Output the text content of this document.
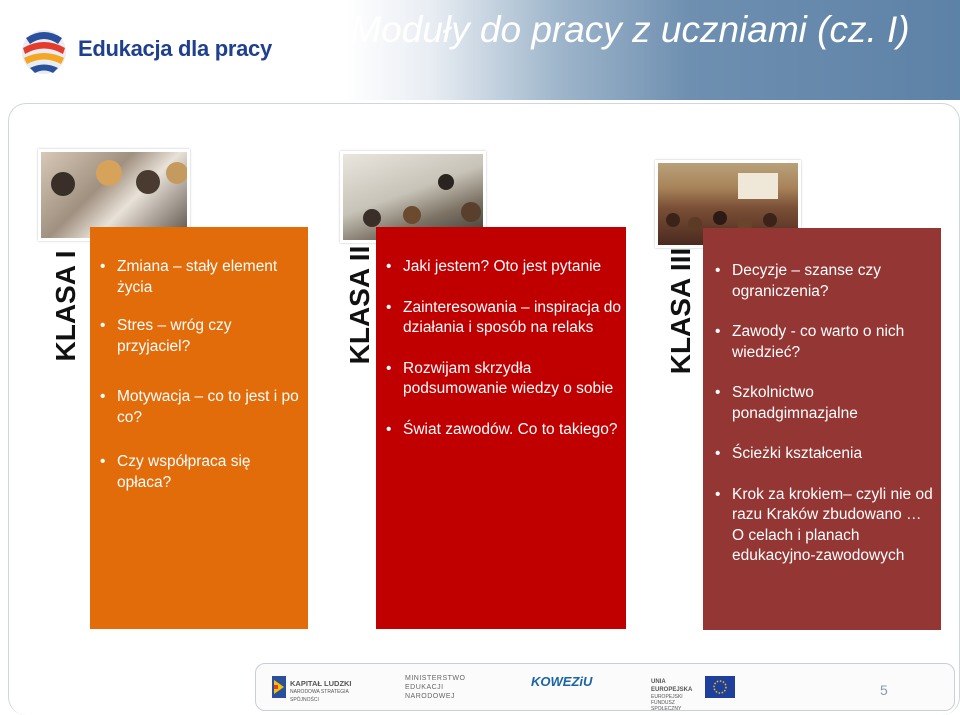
Edukacja dla pracy Moduły do pracy z uczniami (cz. I)
KLASA I	KLASA II	KLASA III
• Zmiana – stały element życia
• Stres – wróg czy przyjaciel?
• Motywacja – co to jest i po co?
• Czy współpraca się opłaca?
• Jaki jestem? Oto jest pytanie
• Zainteresowania – inspiracja do działania i sposób na relaks
• Rozwijam skrzydła podsumowanie wiedzy o sobie
• Świat zawodów. Co to takiego?
• Decyzje – szanse czy ograniczenia?
• Zawody - co warto o nich wiedzieć?
• Szkolnictwo ponadgimnazjalne
• Ścieżki kształcenia
• Krok za krokiem– czyli nie od razu Kraków zbudowano … O celach i planach edukacyjno-zawodowych
KAPITAŁ LUDZKI
NARODOWA STRATEGIA SPÓJNOŚCI
MINISTERSTWO EDUKACJI NARODOWEJ
KOWEZiU	UNIA EUROPEJSKA
EUROPEJSKI FUNDUSZ SPOŁECZNY
5
